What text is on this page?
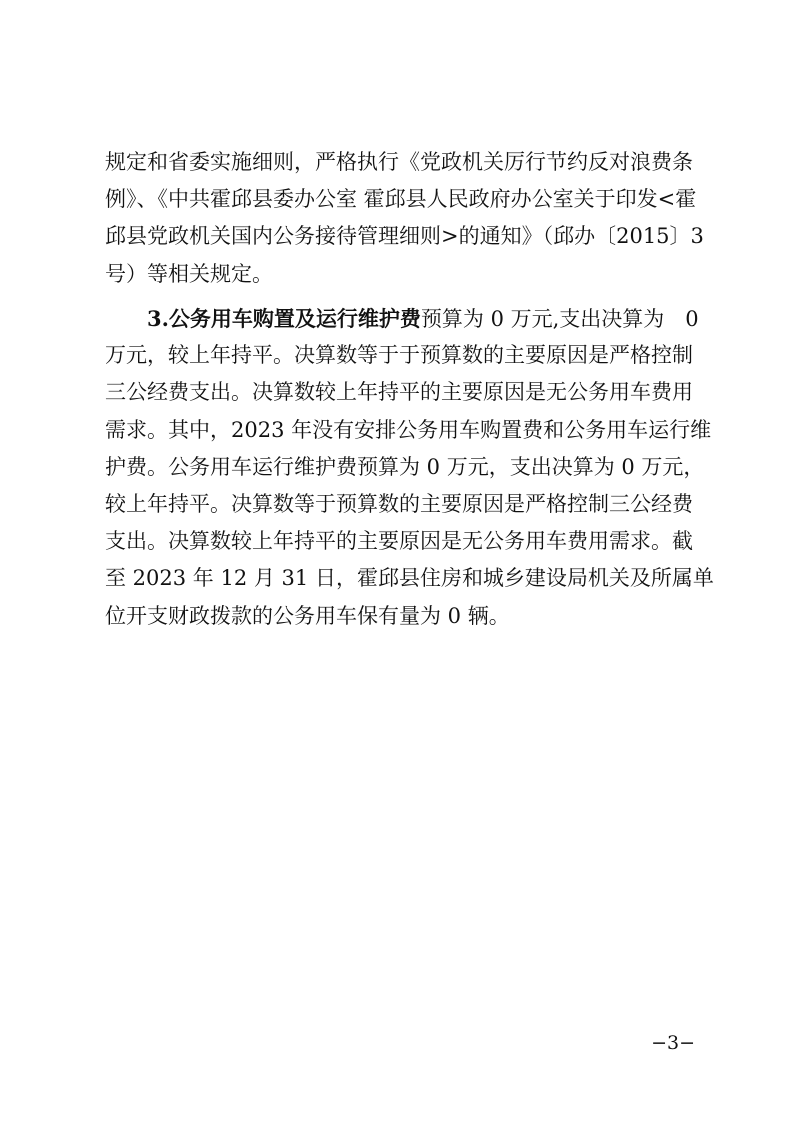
规定和省委实施细则，严格执行《党政机关厉行节约反对浪费条
例》、《中共霍邱县委办公室 霍邱县人民政府办公室关于印发<霍
邱县党政机关国内公务接待管理细则>的通知》（邱办〔2015〕3
号）等相关规定。
3.公务用车购置及运行维护费预算为 0 万元,支出决算为　0
万元，较上年持平。决算数等于于预算数的主要原因是严格控制
三公经费支出。决算数较上年持平的主要原因是无公务用车费用
需求。其中，2023 年没有安排公务用车购置费和公务用车运行维
护费。公务用车运行维护费预算为 0 万元，支出决算为 0 万元，
较上年持平。决算数等于预算数的主要原因是严格控制三公经费
支出。决算数较上年持平的主要原因是无公务用车费用需求。截
至 2023 年 12 月 31 日，霍邱县住房和城乡建设局机关及所属单
位开支财政拨款的公务用车保有量为 0 辆。
−3−
